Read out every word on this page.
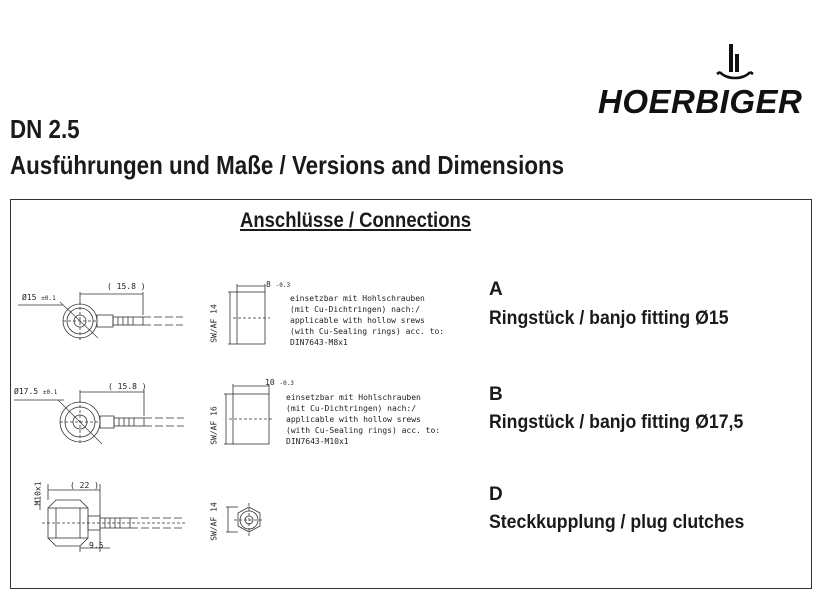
HOERBIGER
DN 2.5
Ausführungen und Maße / Versions and Dimensions
Anschlüsse / Connections
Ø15 ±0.1
( 15.8 )	8 -0.3
SW/AF 14
einsetzbar mit Hohlschrauben
(mit Cu-Dichtringen) nach:/
applicable with hollow srews
(with Cu-Sealing rings) acc. to:
DIN7643-M8x1
A
Ringstück / banjo fitting Ø15
Ø17.5 ±0.1
( 15.8 )	10 -0.3
SW/AF 16
einsetzbar mit Hohlschrauben
(mit Cu-Dichtringen) nach:/
applicable with hollow srews
(with Cu-Sealing rings) acc. to:
DIN7643-M10x1
B
Ringstück / banjo fitting Ø17,5
M10x1	( 22 )
9.5
SW/AF 14
D
Steckkupplung / plug clutches
